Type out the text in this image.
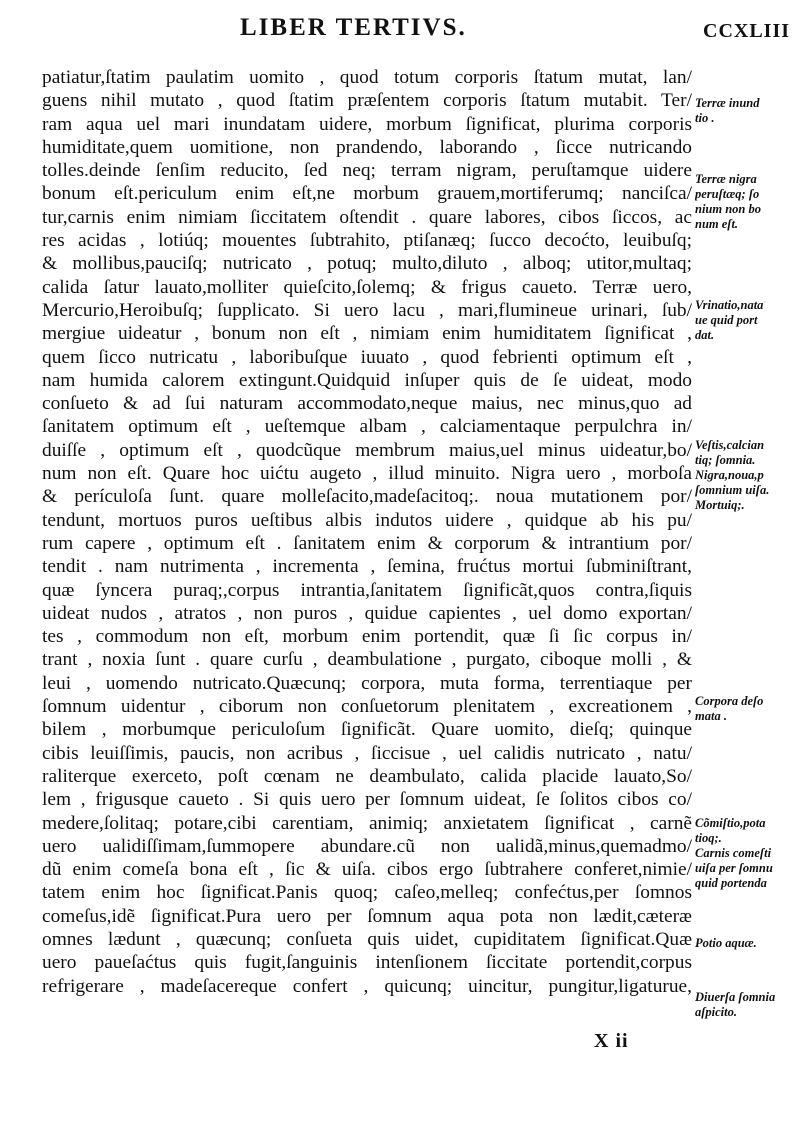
LIBER TERTIVS.	CCXLIII
patiatur,ſtatim paulatim uomito , quod totum corporis ſtatum mutat, lan/
guens nihil mutato , quod ſtatim præſentem corporis ſtatum mutabit. Ter/
ram aqua uel mari inundatam uidere, morbum ſignificat, plurima corporis
humiditate,quem uomitione, non prandendo, laborando , ſicce nutricando
tolles.deinde ſenſim reducito, ſed neq; terram nigram, peruſtamque uidere
bonum eſt.periculum enim eſt,ne morbum grauem,mortiferumq; nanciſca/
tur,carnis enim nimiam ſiccitatem oſtendit . quare labores, cibos ſiccos, ac
res acidas , lotiúq; mouentes ſubtrahito, ptiſanæq; ſucco decoćto, leuibuſq;
& mollibus,pauciſq; nutricato , potuq; multo,diluto , alboq; utitor,multaq;
calida ſatur lauato,molliter quieſcito,ſolemq; & frigus caueto. Terræ uero,
Mercurio,Heroibuſq; ſupplicato. Si uero lacu , mari,flumineue urinari, ſub/
mergiue uideatur , bonum non eſt , nimiam enim humiditatem ſignificat ,
quem ſicco nutricatu , laboribuſque iuuato , quod febrienti optimum eſt ,
nam humida calorem extingunt.Quidquid inſuper quis de ſe uideat, modo
conſueto & ad ſui naturam accommodato,neque maius, nec minus,quo ad
ſanitatem optimum eſt , ueſtemque albam , calciamentaque perpulchra in/
duiſſe , optimum eſt , quodcũque membrum maius,uel minus uideatur,bo/
num non eſt. Quare hoc uićtu augeto , illud minuito. Nigra uero , morboſa
& perículoſa ſunt. quare molleſacito,madeſacitoq;. noua mutationem por/
tendunt, mortuos puros ueſtibus albis indutos uidere , quidque ab his pu/
rum capere , optimum eſt . ſanitatem enim & corporum & intrantium por/
tendit . nam nutrimenta , incrementa , ſemina, frućtus mortui ſubminiſtrant,
quæ ſyncera puraq;,corpus intrantia,ſanitatem ſignificãt,quos contra,ſiquis
uideat nudos , atratos , non puros , quidue capientes , uel domo exportan/
tes , commodum non eſt, morbum enim portendit, quæ ſi ſic corpus in/
trant , noxia ſunt . quare curſu , deambulatione , purgato, ciboque molli , &
leui , uomendo nutricato.Quæcunq; corpora, muta forma, terrentiaque per
ſomnum uidentur , ciborum non conſuetorum plenitatem , excreationem ,
bilem , morbumque periculoſum ſignificãt. Quare uomito, dieſq; quinque
cibis leuiſſimis, paucis, non acribus , ſiccisue , uel calidis nutricato , natu/
raliterque exerceto, poſt cœnam ne deambulato, calida placide lauato,So/
lem , frigusque caueto . Si quis uero per ſomnum uideat, ſe ſolitos cibos co/
medere,ſolitaq; potare,cibi carentiam, animiq; anxietatem ſignificat , carnẽ
uero ualidiſſimam,ſummopere abundare.cũ non ualidã,minus,quemadmo/
dũ enim comeſa bona eſt , ſic & uiſa. cibos ergo ſubtrahere conferet,nimie/
tatem enim hoc ſignificat.Panis quoq; caſeo,melleq; confećtus,per ſomnos
comeſus,idẽ ſignificat.Pura uero per ſomnum aqua pota non lædit,cæteræ
omnes lædunt , quæcunq; conſueta quis uidet, cupiditatem ſignificat.Quæ
uero paueſaćtus quis fugit,ſanguinis intenſionem ſiccitate portendit,corpus
refrigerare , madeſacereque confert , quicunq; uincitur, pungitur,ligaturue,
Terræ inund
tio .
Terræ nigra
peruſtæq; ſo
nium non bo
num eſt.
Vrinatio,nata
ue quid port
dat.
Veſtis,calcian
tiq; ſomnia.
Nigra,noua,p
ſomnium uiſa.
Mortuiq;.
Corpora deſo
mata .
Cõmiſtio,pota
tioq;.
Carnis comeſti
uiſa per ſomnu
quid portenda
Potio aquæ.
Diuerſa ſomnia
aſpicito.
X ii
